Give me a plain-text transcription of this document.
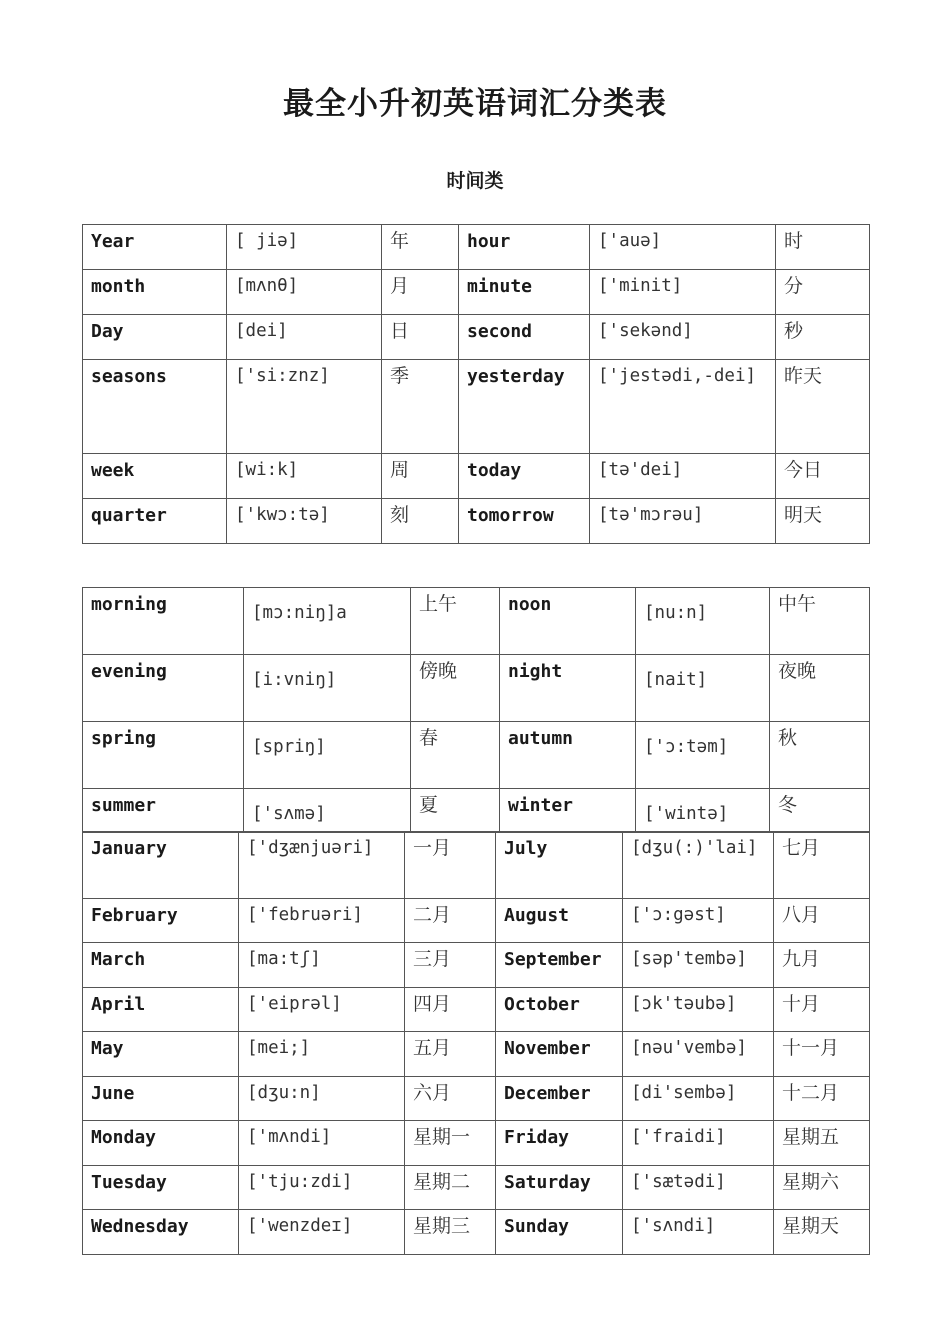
最全小升初英语词汇分类表
时间类
Year	[ jiə]	年	hour	['auə]	时
month	[mʌnθ]	月	minute	['minit]	分
Day	[dei]	日	second	['sekənd]	秒
seasons	['si:znz]	季	yesterday	['jestədi,-dei]	昨天
week	[wi:k]	周	today	[tə'dei]	今日
quarter	['kwɔ:tə]	刻	tomorrow	[tə'mɔrəu]	明天
morning	[mɔ:niŋ]a	上午	noon	[nu:n]	中午
evening	[i:vniŋ]	傍晚	night	[nait]	夜晚
spring	[spriŋ]	春	autumn	['ɔ:təm]	秋
summer	['sʌmə]	夏	winter	['wintə]	冬
January	['dʒænjuəri]	一月	July	[dʒu(:)'lai]	七月
February	['februəri]	二月	August	['ɔ:gəst]	八月
March	[ma:tʃ]	三月	September	[səp'tembə]	九月
April	['eiprəl]	四月	October	[ɔk'təubə]	十月
May	[mei;]	五月	November	[nəu'vembə]	十一月
June	[dʒu:n]	六月	December	[di'sembə]	十二月
Monday	['mʌndi]	星期一	Friday	['fraidi]	星期五
Tuesday	['tju:zdi]	星期二	Saturday	['sætədi]	星期六
Wednesday	['wenzdeɪ]	星期三	Sunday	['sʌndi]	星期天
